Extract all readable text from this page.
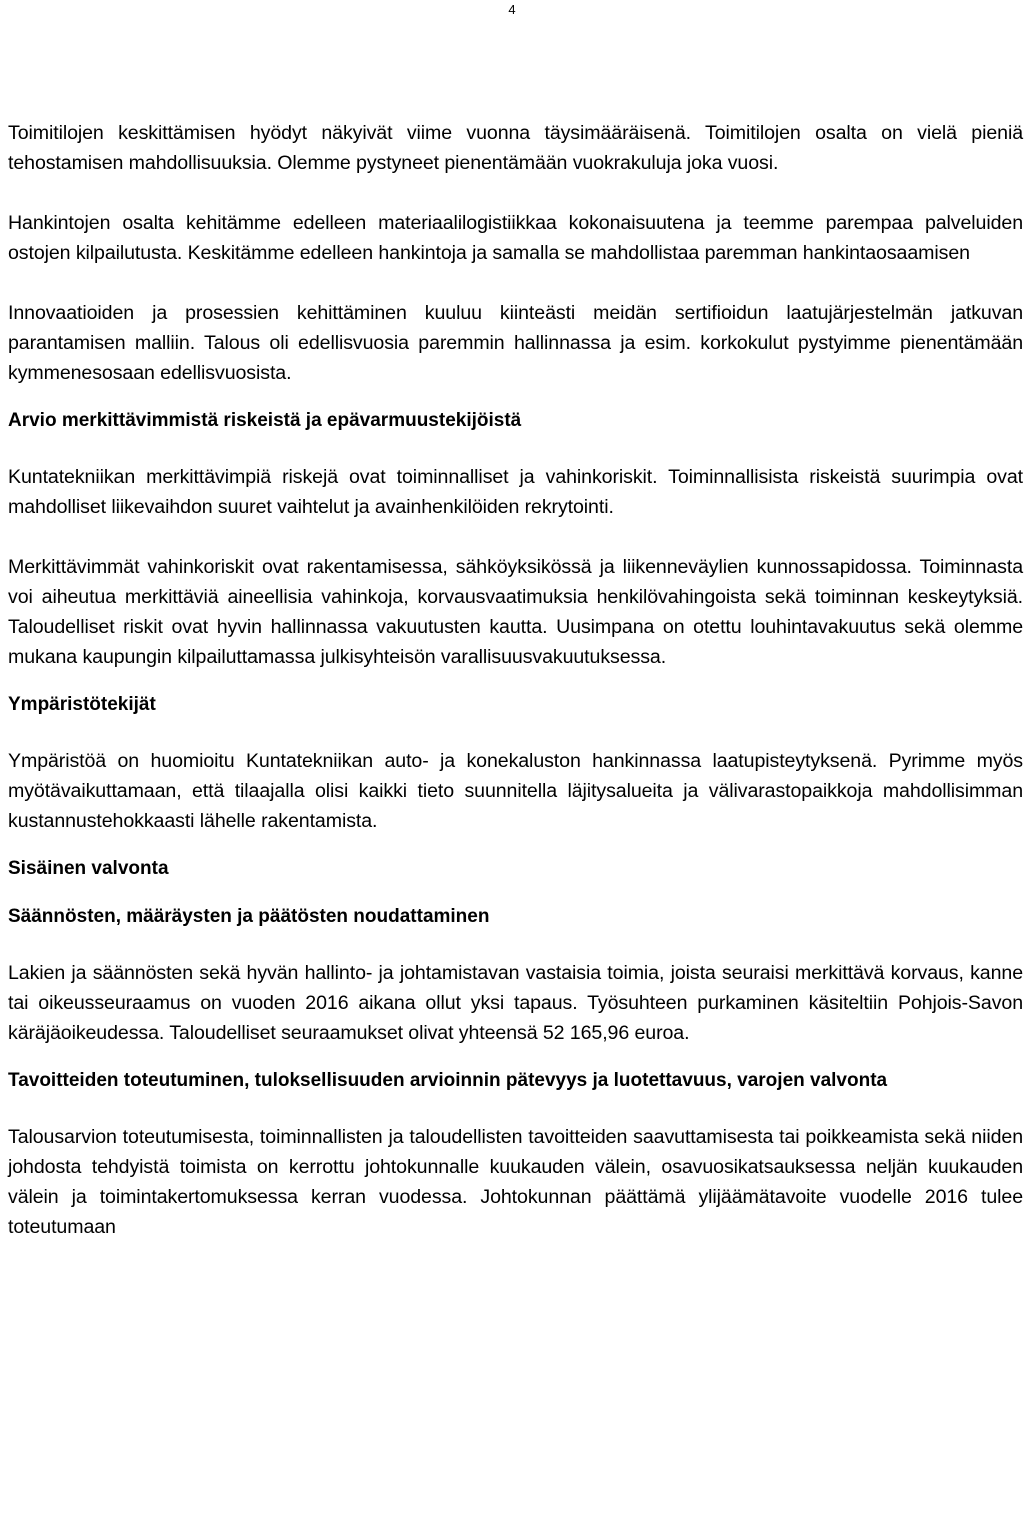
4

Toimitilojen keskittämisen hyödyt näkyivät viime vuonna täysimääräisenä. Toimitilojen osalta on vielä pieniä tehostamisen mahdollisuuksia. Olemme pystyneet pienentämään vuokrakuluja joka vuosi.

Hankintojen osalta kehitämme edelleen materiaalilogistiikkaa kokonaisuutena ja teemme parempaa palveluiden ostojen kilpailutusta. Keskitämme edelleen hankintoja ja samalla se mahdollistaa paremman hankintaosaamisen

Innovaatioiden ja prosessien kehittäminen kuuluu kiinteästi meidän sertifioidun laatujärjestelmän jatkuvan parantamisen malliin. Talous oli edellisvuosia paremmin hallinnassa ja esim. korkokulut pystyimme pienentämään kymmenesosaan edellisvuosista.

Arvio merkittävimmistä riskeistä ja epävarmuustekijöistä

Kuntatekniikan merkittävimpiä riskejä ovat toiminnalliset ja vahinkoriskit. Toiminnallisista riskeistä suurimpia ovat mahdolliset liikevaihdon suuret vaihtelut ja avainhenkilöiden rekrytointi.

Merkittävimmät vahinkoriskit ovat rakentamisessa, sähköyksikössä ja liikenneväylien kunnossapidossa. Toiminnasta voi aiheutua merkittäviä aineellisia vahinkoja, korvausvaatimuksia henkilövahingoista sekä toiminnan keskeytyksiä. Taloudelliset riskit ovat hyvin hallinnassa vakuutusten kautta. Uusimpana on otettu louhintavakuutus sekä olemme mukana kaupungin kilpailuttamassa julkisyhteisön varallisuusvakuutuksessa.

Ympäristötekijät

Ympäristöä on huomioitu Kuntatekniikan auto- ja konekaluston hankinnassa laatupisteytyksenä. Pyrimme myös myötävaikuttamaan, että tilaajalla olisi kaikki tieto suunnitella läjitysalueita ja välivarastopaikkoja mahdollisimman kustannustehokkaasti lähelle rakentamista.

Sisäinen valvonta
Säännösten, määräysten ja päätösten noudattaminen

Lakien ja säännösten sekä hyvän hallinto- ja johtamistavan vastaisia toimia, joista seuraisi merkittävä korvaus, kanne tai oikeusseuraamus on vuoden 2016 aikana ollut yksi tapaus. Työsuhteen purkaminen käsiteltiin Pohjois-Savon käräjäoikeudessa. Taloudelliset seuraamukset olivat yhteensä 52 165,96 euroa.

Tavoitteiden toteutuminen, tuloksellisuuden arvioinnin pätevyys ja luotettavuus, varojen valvonta

Talousarvion toteutumisesta, toiminnallisten ja taloudellisten tavoitteiden saavuttamisesta tai poikkeamista sekä niiden johdosta tehdyistä toimista on kerrottu johtokunnalle kuukauden välein, osavuosikatsauksessa neljän kuukauden välein ja toimintakertomuksessa kerran vuodessa. Johtokunnan päättämä ylijäämätavoite vuodelle 2016 tulee toteutumaan
